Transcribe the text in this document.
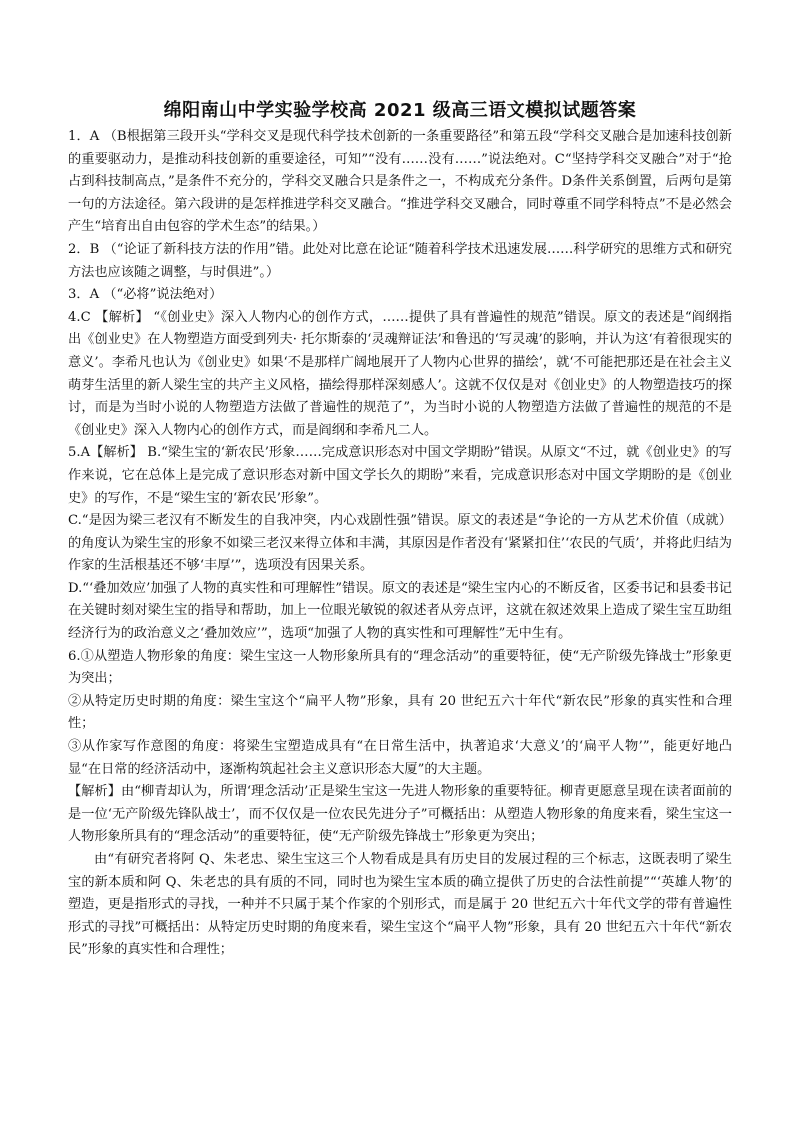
绵阳南山中学实验学校高 2021 级高三语文模拟试题答案

1．A （B根据第三段开头“学科交叉是现代科学技术创新的一条重要路径”和第五段“学科交叉融合是加速科技创新的重要驱动力，是推动科技创新的重要途径，可知”“没有……没有……”说法绝对。C“坚持学科交叉融合”对于“抢占到科技制高点，”是条件不充分的，学科交叉融合只是条件之一，不构成充分条件。D条件关系倒置，后两句是第一句的方法途径。第六段讲的是怎样推进学科交叉融合。“推进学科交叉融合，同时尊重不同学科特点”不是必然会产生“培育出自由包容的学术生态”的结果。）

2．B （“论证了新科技方法的作用”错。此处对比意在论证“随着科学技术迅速发展……科学研究的思维方式和研究方法也应该随之调整，与时俱进”。）

3．A （“必将”说法绝对）

4.C 【解析】 “《创业史》深入人物内心的创作方式，……提供了具有普遍性的规范”错误。原文的表述是“阎纲指出《创业史》在人物塑造方面受到列夫· 托尔斯泰的‘灵魂辩证法’和鲁迅的‘写灵魂’的影响，并认为这‘有着很现实的意义’。李希凡也认为《创业史》如果‘不是那样广阔地展开了人物内心世界的描绘’，就‘不可能把那还是在社会主义萌芽生活里的新人梁生宝的共产主义风格，描绘得那样深刻感人’。这就不仅仅是对《创业史》的人物塑造技巧的探讨，而是为当时小说的人物塑造方法做了普遍性的规范了”，为当时小说的人物塑造方法做了普遍性的规范的不是《创业史》深入人物内心的创作方式，而是阎纲和李希凡二人。

5.A【解析】 B.“梁生宝的‘新农民’形象……完成意识形态对中国文学期盼”错误。从原文“不过，就《创业史》的写作来说，它在总体上是完成了意识形态对新中国文学长久的期盼”来看，完成意识形态对中国文学期盼的是《创业史》的写作，不是“梁生宝的‘新农民’形象”。

C.“是因为梁三老汉有不断发生的自我冲突，内心戏剧性强”错误。原文的表述是“争论的一方从艺术价值（成就）的角度认为梁生宝的形象不如梁三老汉来得立体和丰满，其原因是作者没有‘紧紧扣住’‘农民的气质’，并将此归结为作家的生活根基还不够‘丰厚’”，选项没有因果关系。

D.“‘叠加效应’加强了人物的真实性和可理解性”错误。原文的表述是“梁生宝内心的不断反省，区委书记和县委书记在关键时刻对梁生宝的指导和帮助，加上一位眼光敏锐的叙述者从旁点评，这就在叙述效果上造成了梁生宝互助组经济行为的政治意义之‘叠加效应’”，选项“加强了人物的真实性和可理解性”无中生有。

6.①从塑造人物形象的角度：梁生宝这一人物形象所具有的“理念活动”的重要特征，使“无产阶级先锋战士”形象更为突出；

②从特定历史时期的角度：梁生宝这个“扁平人物”形象，具有 20 世纪五六十年代“新农民”形象的真实性和合理性；

③从作家写作意图的角度：将梁生宝塑造成具有“在日常生活中，执著追求‘大意义’的‘扁平人物’”，能更好地凸显“在日常的经济活动中，逐渐构筑起社会主义意识形态大厦”的大主题。

【解析】由“柳青却认为，所谓‘理念活动’正是梁生宝这一先进人物形象的重要特征。柳青更愿意呈现在读者面前的是一位‘无产阶级先锋队战士’，而不仅仅是一位农民先进分子”可概括出：从塑造人物形象的角度来看，梁生宝这一人物形象所具有的“理念活动”的重要特征，使“无产阶级先锋战士”形象更为突出；

由“有研究者将阿 Q、朱老忠、梁生宝这三个人物看成是具有历史目的发展过程的三个标志，这既表明了梁生宝的新本质和阿 Q、朱老忠的具有质的不同，同时也为梁生宝本质的确立提供了历史的合法性前提”“‘英雄人物’的塑造，更是指形式的寻找，一种并不只属于某个作家的个别形式，而是属于 20 世纪五六十年代文学的带有普遍性形式的寻找”可概括出：从特定历史时期的角度来看，梁生宝这个“扁平人物”形象，具有 20 世纪五六十年代“新农民”形象的真实性和合理性；
